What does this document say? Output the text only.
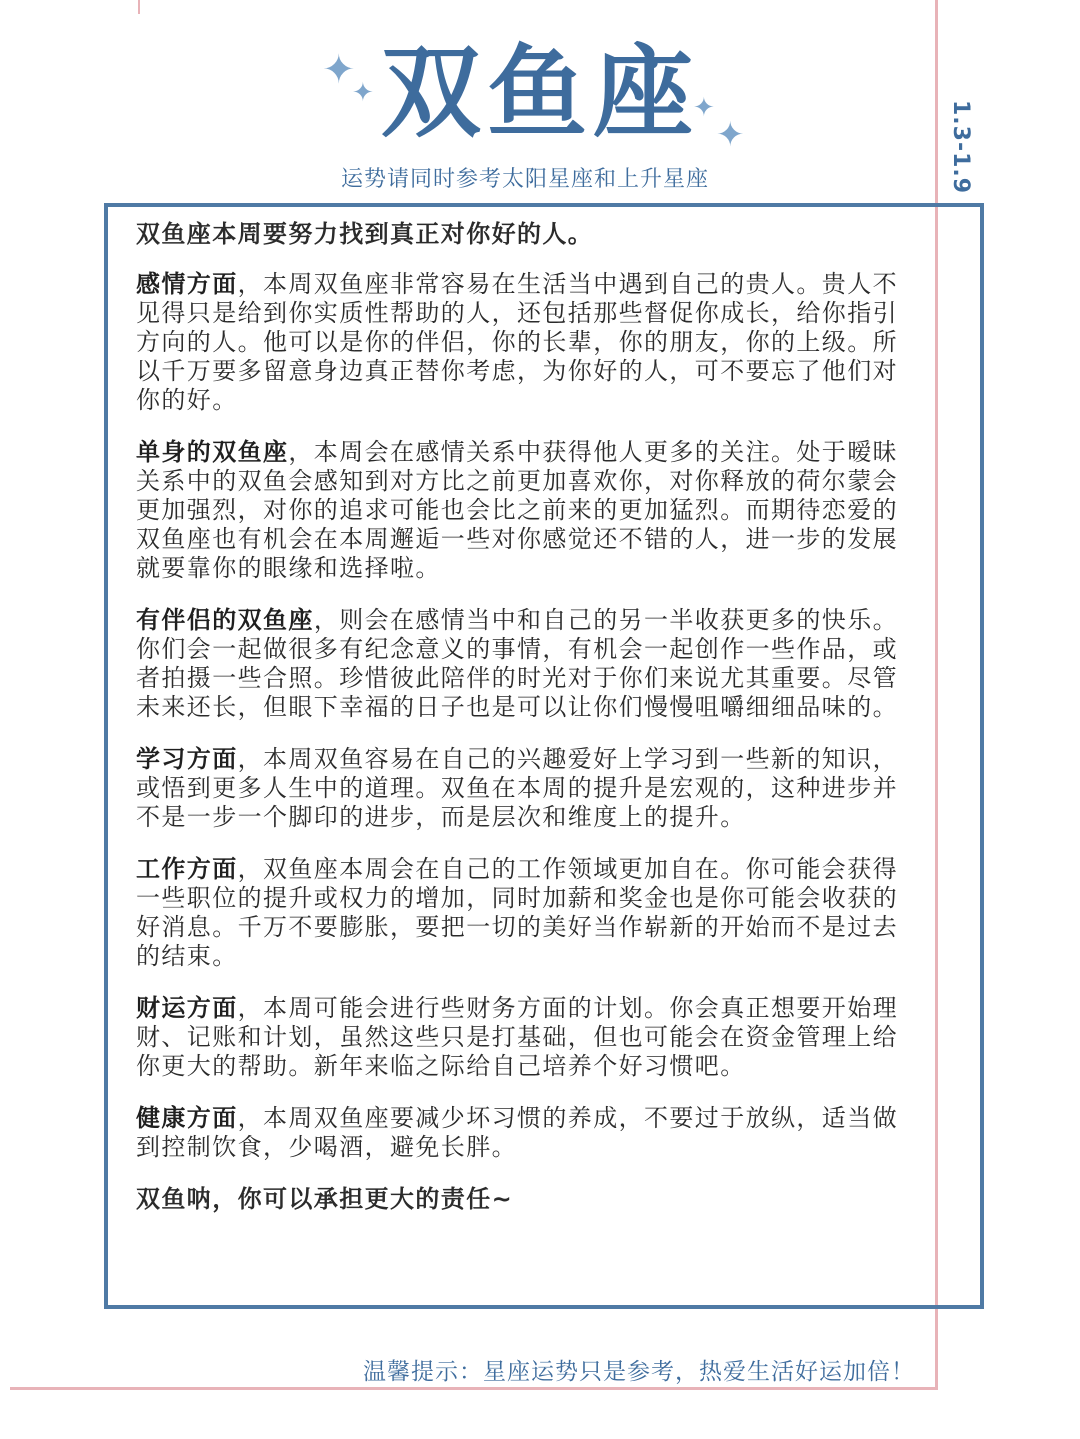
✦
✦	✦
✦
双鱼座
运势请同时参考太阳星座和上升星座	1.3-1.9

双鱼座本周要努力找到真正对你好的人。

感情方面，本周双鱼座非常容易在生活当中遇到自己的贵人。贵人不见得只是给到你实质性帮助的人，还包括那些督促你成长，给你指引方向的人。他可以是你的伴侣，你的长辈，你的朋友，你的上级。所以千万要多留意身边真正替你考虑，为你好的人，可不要忘了他们对你的好。

单身的双鱼座，本周会在感情关系中获得他人更多的关注。处于暧昧关系中的双鱼会感知到对方比之前更加喜欢你，对你释放的荷尔蒙会更加强烈，对你的追求可能也会比之前来的更加猛烈。而期待恋爱的双鱼座也有机会在本周邂逅一些对你感觉还不错的人，进一步的发展就要靠你的眼缘和选择啦。

有伴侣的双鱼座，则会在感情当中和自己的另一半收获更多的快乐。你们会一起做很多有纪念意义的事情，有机会一起创作一些作品，或者拍摄一些合照。珍惜彼此陪伴的时光对于你们来说尤其重要。尽管未来还长，但眼下幸福的日子也是可以让你们慢慢咀嚼细细品味的。

学习方面，本周双鱼容易在自己的兴趣爱好上学习到一些新的知识，或悟到更多人生中的道理。双鱼在本周的提升是宏观的，这种进步并不是一步一个脚印的进步，而是层次和维度上的提升。

工作方面，双鱼座本周会在自己的工作领域更加自在。你可能会获得一些职位的提升或权力的增加，同时加薪和奖金也是你可能会收获的好消息。千万不要膨胀，要把一切的美好当作崭新的开始而不是过去的结束。

财运方面，本周可能会进行些财务方面的计划。你会真正想要开始理财、记账和计划，虽然这些只是打基础，但也可能会在资金管理上给你更大的帮助。新年来临之际给自己培养个好习惯吧。

健康方面，本周双鱼座要减少坏习惯的养成，不要过于放纵，适当做到控制饮食，少喝酒，避免长胖。

双鱼呐，你可以承担更大的责任~

温馨提示：星座运势只是参考，热爱生活好运加倍！
